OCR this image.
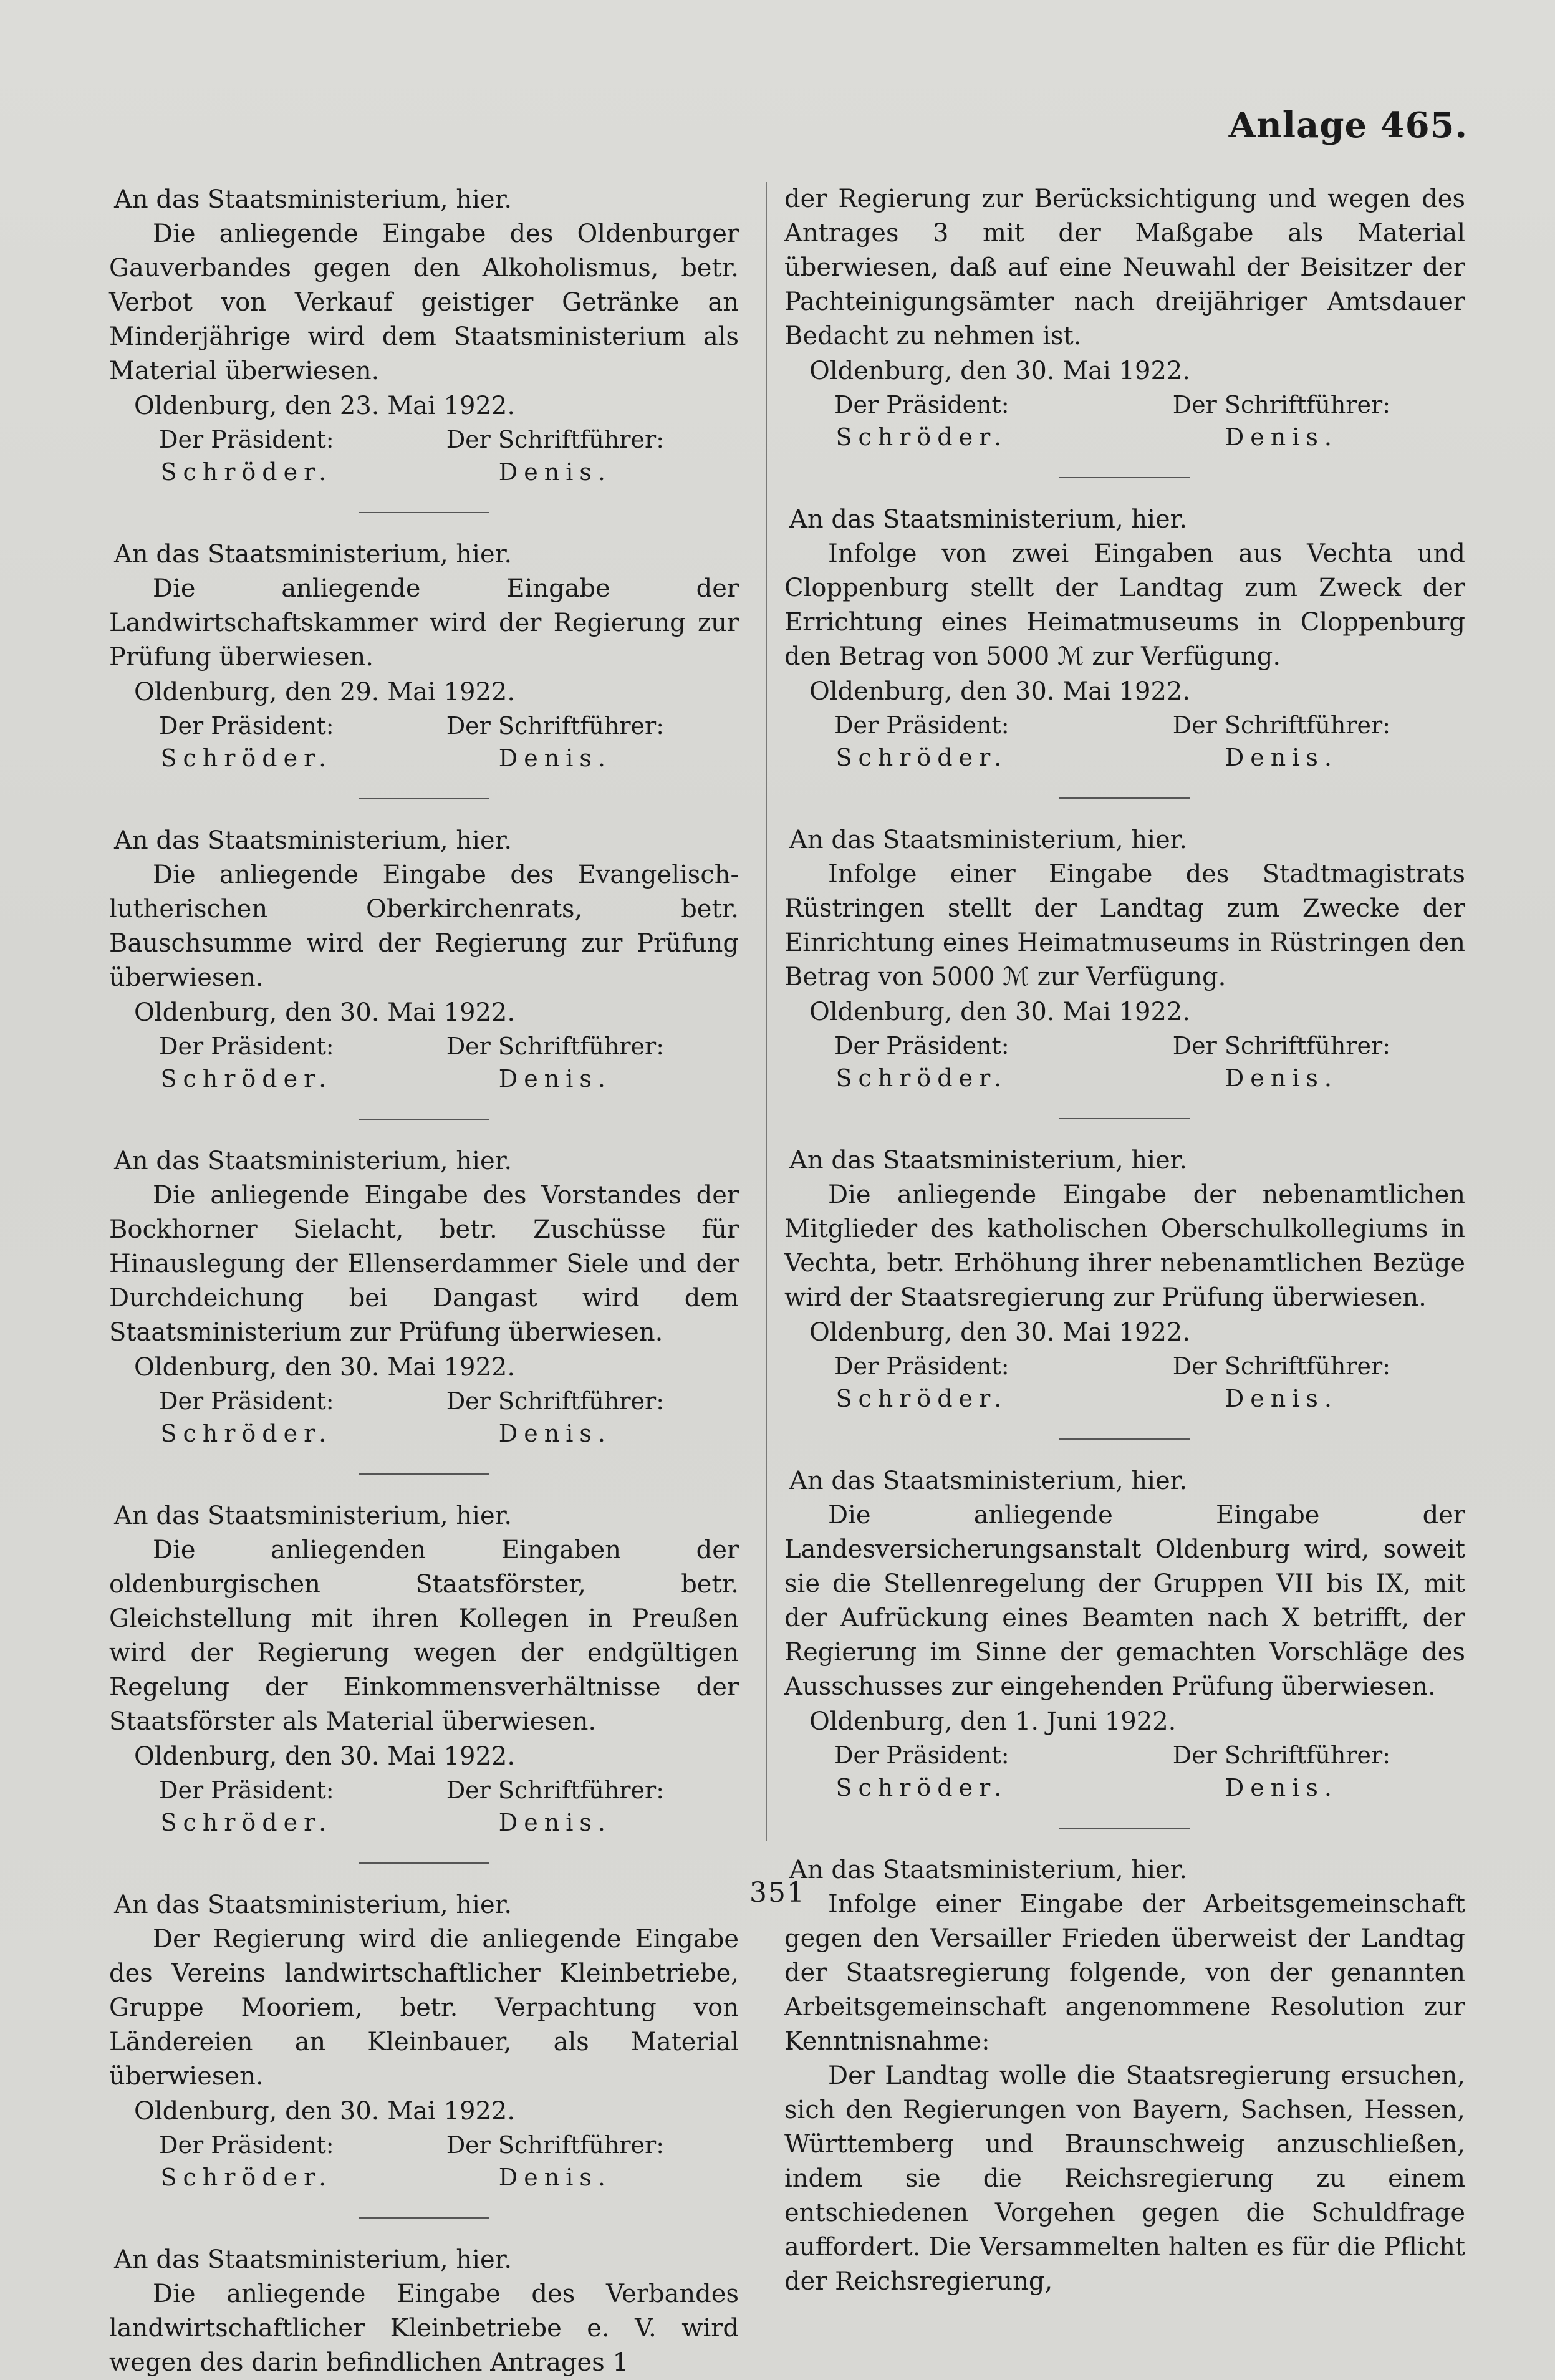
Anlage 465.

An das Staatsministerium, hier.

Die anliegende Eingabe des Oldenburger Gauverbandes gegen den Alkoholismus, betr. Verbot von Verkauf geistiger Getränke an Minderjährige wird dem Staatsministerium als Material überwiesen.

Oldenburg, den 23. Mai 1922.

Der Präsident:
Schröder.
Der Schriftführer:
Denis.

An das Staatsministerium, hier.

Die anliegende Eingabe der Landwirtschaftskammer wird der Regierung zur Prüfung überwiesen.

Oldenburg, den 29. Mai 1922.

Der Präsident:
Schröder.
Der Schriftführer:
Denis.

An das Staatsministerium, hier.

Die anliegende Eingabe des Evangelisch-lutherischen Oberkirchenrats, betr. Bauschsumme wird der Regierung zur Prüfung überwiesen.

Oldenburg, den 30. Mai 1922.

Der Präsident:
Schröder.
Der Schriftführer:
Denis.

An das Staatsministerium, hier.

Die anliegende Eingabe des Vorstandes der Bockhorner Sielacht, betr. Zuschüsse für Hinauslegung der Ellenserdammer Siele und der Durchdeichung bei Dangast wird dem Staatsministerium zur Prüfung überwiesen.

Oldenburg, den 30. Mai 1922.

Der Präsident:
Schröder.
Der Schriftführer:
Denis.

An das Staatsministerium, hier.

Die anliegenden Eingaben der oldenburgischen Staatsförster, betr. Gleichstellung mit ihren Kollegen in Preußen wird der Regierung wegen der endgültigen Regelung der Einkommensverhältnisse der Staatsförster als Material überwiesen.

Oldenburg, den 30. Mai 1922.

Der Präsident:
Schröder.
Der Schriftführer:
Denis.

An das Staatsministerium, hier.

Der Regierung wird die anliegende Eingabe des Vereins landwirtschaftlicher Kleinbetriebe, Gruppe Mooriem, betr. Verpachtung von Ländereien an Kleinbauer, als Material überwiesen.

Oldenburg, den 30. Mai 1922.

Der Präsident:
Schröder.
Der Schriftführer:
Denis.

An das Staatsministerium, hier.

Die anliegende Eingabe des Verbandes landwirtschaftlicher Kleinbetriebe e. V. wird wegen des darin befindlichen Antrages 1

der Regierung zur Berücksichtigung und wegen des Antrages 3 mit der Maßgabe als Material überwiesen, daß auf eine Neuwahl der Beisitzer der Pachteinigungsämter nach dreijähriger Amtsdauer Bedacht zu nehmen ist.

Oldenburg, den 30. Mai 1922.

Der Präsident:
Schröder.
Der Schriftführer:
Denis.

An das Staatsministerium, hier.

Infolge von zwei Eingaben aus Vechta und Cloppenburg stellt der Landtag zum Zweck der Errichtung eines Heimatmuseums in Cloppenburg den Betrag von 5000 ℳ zur Verfügung.

Oldenburg, den 30. Mai 1922.

Der Präsident:
Schröder.
Der Schriftführer:
Denis.

An das Staatsministerium, hier.

Infolge einer Eingabe des Stadtmagistrats Rüstringen stellt der Landtag zum Zwecke der Einrichtung eines Heimatmuseums in Rüstringen den Betrag von 5000 ℳ zur Verfügung.

Oldenburg, den 30. Mai 1922.

Der Präsident:
Schröder.
Der Schriftführer:
Denis.

An das Staatsministerium, hier.

Die anliegende Eingabe der nebenamtlichen Mitglieder des katholischen Oberschulkollegiums in Vechta, betr. Erhöhung ihrer nebenamtlichen Bezüge wird der Staatsregierung zur Prüfung überwiesen.

Oldenburg, den 30. Mai 1922.

Der Präsident:
Schröder.
Der Schriftführer:
Denis.

An das Staatsministerium, hier.

Die anliegende Eingabe der Landesversicherungsanstalt Oldenburg wird, soweit sie die Stellenregelung der Gruppen VII bis IX, mit der Aufrückung eines Beamten nach X betrifft, der Regierung im Sinne der gemachten Vorschläge des Ausschusses zur eingehenden Prüfung überwiesen.

Oldenburg, den 1. Juni 1922.

Der Präsident:
Schröder.
Der Schriftführer:
Denis.

An das Staatsministerium, hier.

Infolge einer Eingabe der Arbeitsgemeinschaft gegen den Versailler Frieden überweist der Landtag der Staatsregierung folgende, von der genannten Arbeitsgemeinschaft angenommene Resolution zur Kenntnisnahme:

Der Landtag wolle die Staatsregierung ersuchen, sich den Regierungen von Bayern, Sachsen, Hessen, Württemberg und Braunschweig anzuschließen, indem sie die Reichsregierung zu einem entschiedenen Vorgehen gegen die Schuldfrage auffordert. Die Versammelten halten es für die Pflicht der Reichsregierung,

351
